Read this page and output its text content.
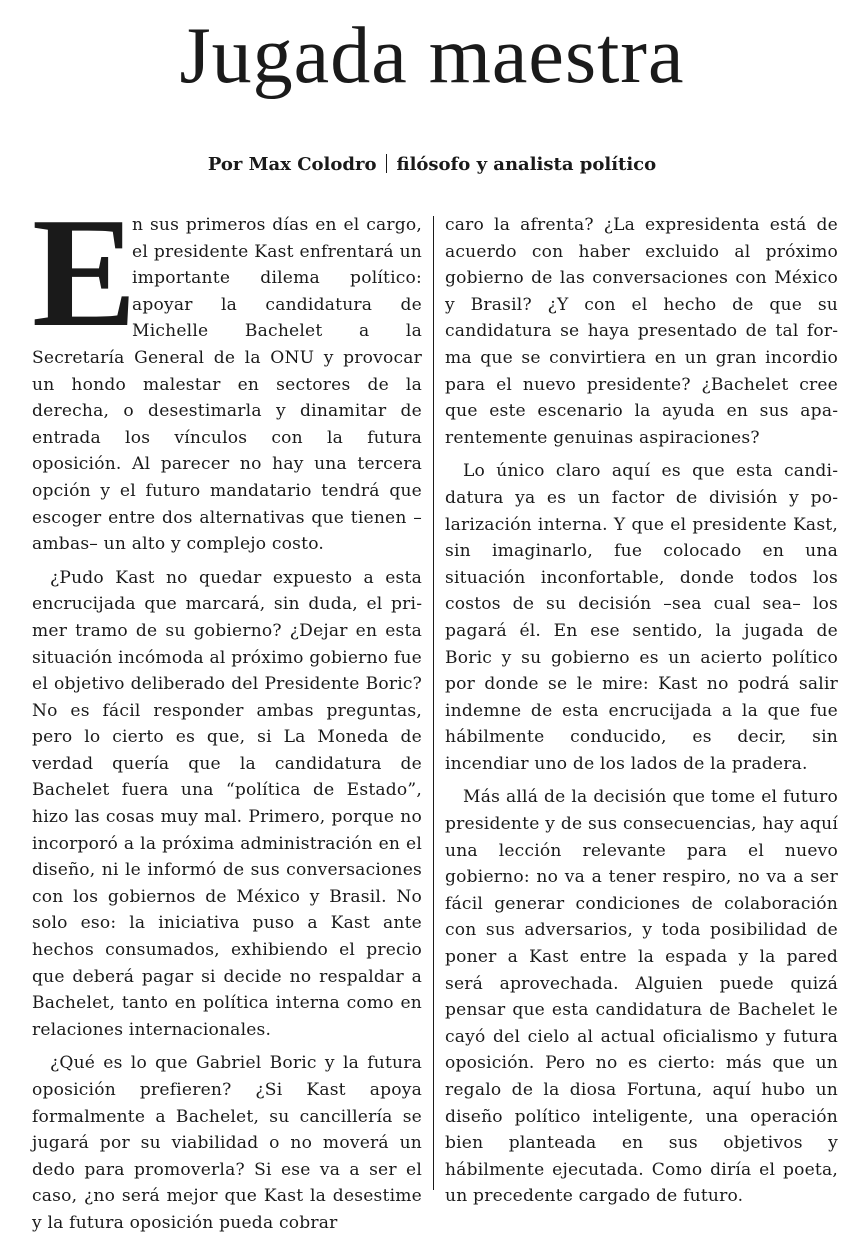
Jugada maestra
Por Max Colodro filósofo y analista político

E
n sus primeros días en el cargo, el presidente Kast enfrentará un importante dilema político: apoyar la candidatura de Michelle Bachelet a la Secretaría General de la ONU y provocar un hondo malestar en sectores de la derecha, o desestimarla y dinamitar de entrada los vínculos con la futura oposición. Al parecer no hay una tercera opción y el futuro mandatario tendrá que escoger entre dos alternativas que tienen –ambas– un alto y complejo costo.

¿Pudo Kast no quedar expuesto a esta encrucijada que marcará, sin duda, el primer tramo de su gobierno? ¿Dejar en esta situación incómoda al próximo gobierno fue el objetivo deliberado del Presidente Boric? No es fácil responder ambas preguntas, pero lo cierto es que, si La Moneda de verdad quería que la candidatura de Bachelet fuera una “política de Estado”, hizo las cosas muy mal. Primero, porque no incorporó a la próxima administración en el diseño, ni le informó de sus conversaciones con los gobiernos de México y Brasil. No solo eso: la iniciativa puso a Kast ante hechos consumados, exhibiendo el precio que deberá pagar si decide no respaldar a Bachelet, tanto en política interna como en relaciones internacionales.

¿Qué es lo que Gabriel Boric y la futura oposición prefieren? ¿Si Kast apoya formalmente a Bachelet, su cancillería se jugará por su viabilidad o no moverá un dedo para promoverla? Si ese va a ser el caso, ¿no será mejor que Kast la desestime y la futura oposición pueda cobrar

caro la afrenta? ¿La expresidenta está de acuerdo con haber excluido al próximo gobierno de las conversaciones con México y Brasil? ¿Y con el hecho de que su candidatura se haya presentado de tal forma que se convirtiera en un gran incordio para el nuevo presidente? ¿Bachelet cree que este escenario la ayuda en sus aparentemente genuinas aspiraciones?

Lo único claro aquí es que esta candidatura ya es un factor de división y polarización interna. Y que el presidente Kast, sin imaginarlo, fue colocado en una situación inconfortable, donde todos los costos de su decisión –sea cual sea– los pagará él. En ese sentido, la jugada de Boric y su gobierno es un acierto político por donde se le mire: Kast no podrá salir indemne de esta encrucijada a la que fue hábilmente conducido, es decir, sin incendiar uno de los lados de la pradera.

Más allá de la decisión que tome el futuro presidente y de sus consecuencias, hay aquí una lección relevante para el nuevo gobierno: no va a tener respiro, no va a ser fácil generar condiciones de colaboración con sus adversarios, y toda posibilidad de poner a Kast entre la espada y la pared será aprovechada. Alguien puede quizá pensar que esta candidatura de Bachelet le cayó del cielo al actual oficialismo y futura oposición. Pero no es cierto: más que un regalo de la diosa Fortuna, aquí hubo un diseño político inteligente, una operación bien planteada en sus objetivos y hábilmente ejecutada. Como diría el poeta, un precedente cargado de futuro.
